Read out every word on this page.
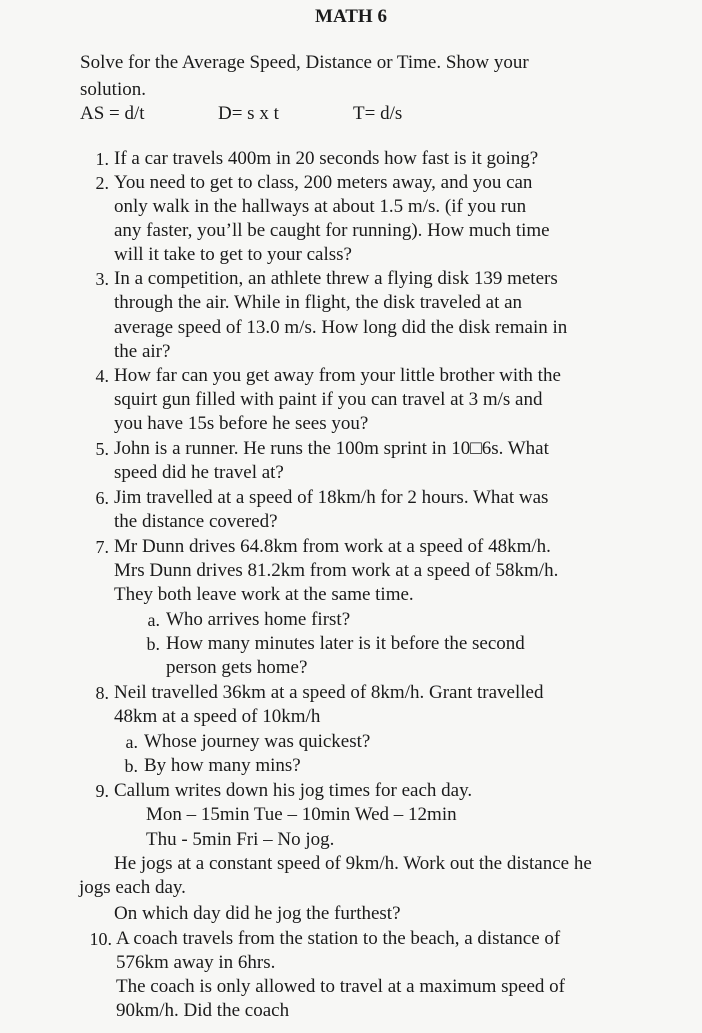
MATH 6
Solve for the Average Speed, Distance or Time. Show your
solution.
AS = d/t	D= s x t	T= d/s
1. If a car travels 400m in 20 seconds how fast is it going?
2. You need to get to class, 200 meters away, and you can
only walk in the hallways at about 1.5 m/s. (if you run
any faster, you’ll be caught for running). How much time
will it take to get to your calss?
3. In a competition, an athlete threw a flying disk 139 meters
through the air. While in flight, the disk traveled at an
average speed of 13.0 m/s. How long did the disk remain in
the air?
4. How far can you get away from your little brother with the
squirt gun filled with paint if you can travel at 3 m/s and
you have 15s before he sees you?
5. John is a runner. He runs the 100m sprint in 10□6s. What
speed did he travel at?
6. Jim travelled at a speed of 18km/h for 2 hours. What was
the distance covered?
7. Mr Dunn drives 64.8km from work at a speed of 48km/h.
Mrs Dunn drives 81.2km from work at a speed of 58km/h.
They both leave work at the same time.
a. Who arrives home first?
b. How many minutes later is it before the second
person gets home?
8. Neil travelled 36km at a speed of 8km/h. Grant travelled
48km at a speed of 10km/h
a. Whose journey was quickest?
b. By how many mins?
9. Callum writes down his jog times for each day.
Mon – 15min Tue – 10min Wed – 12min
Thu - 5min Fri – No jog.
He jogs at a constant speed of 9km/h. Work out the distance he
jogs each day.
On which day did he jog the furthest?
10. A coach travels from the station to the beach, a distance of
576km away in 6hrs.
The coach is only allowed to travel at a maximum speed of
90km/h. Did the coach
